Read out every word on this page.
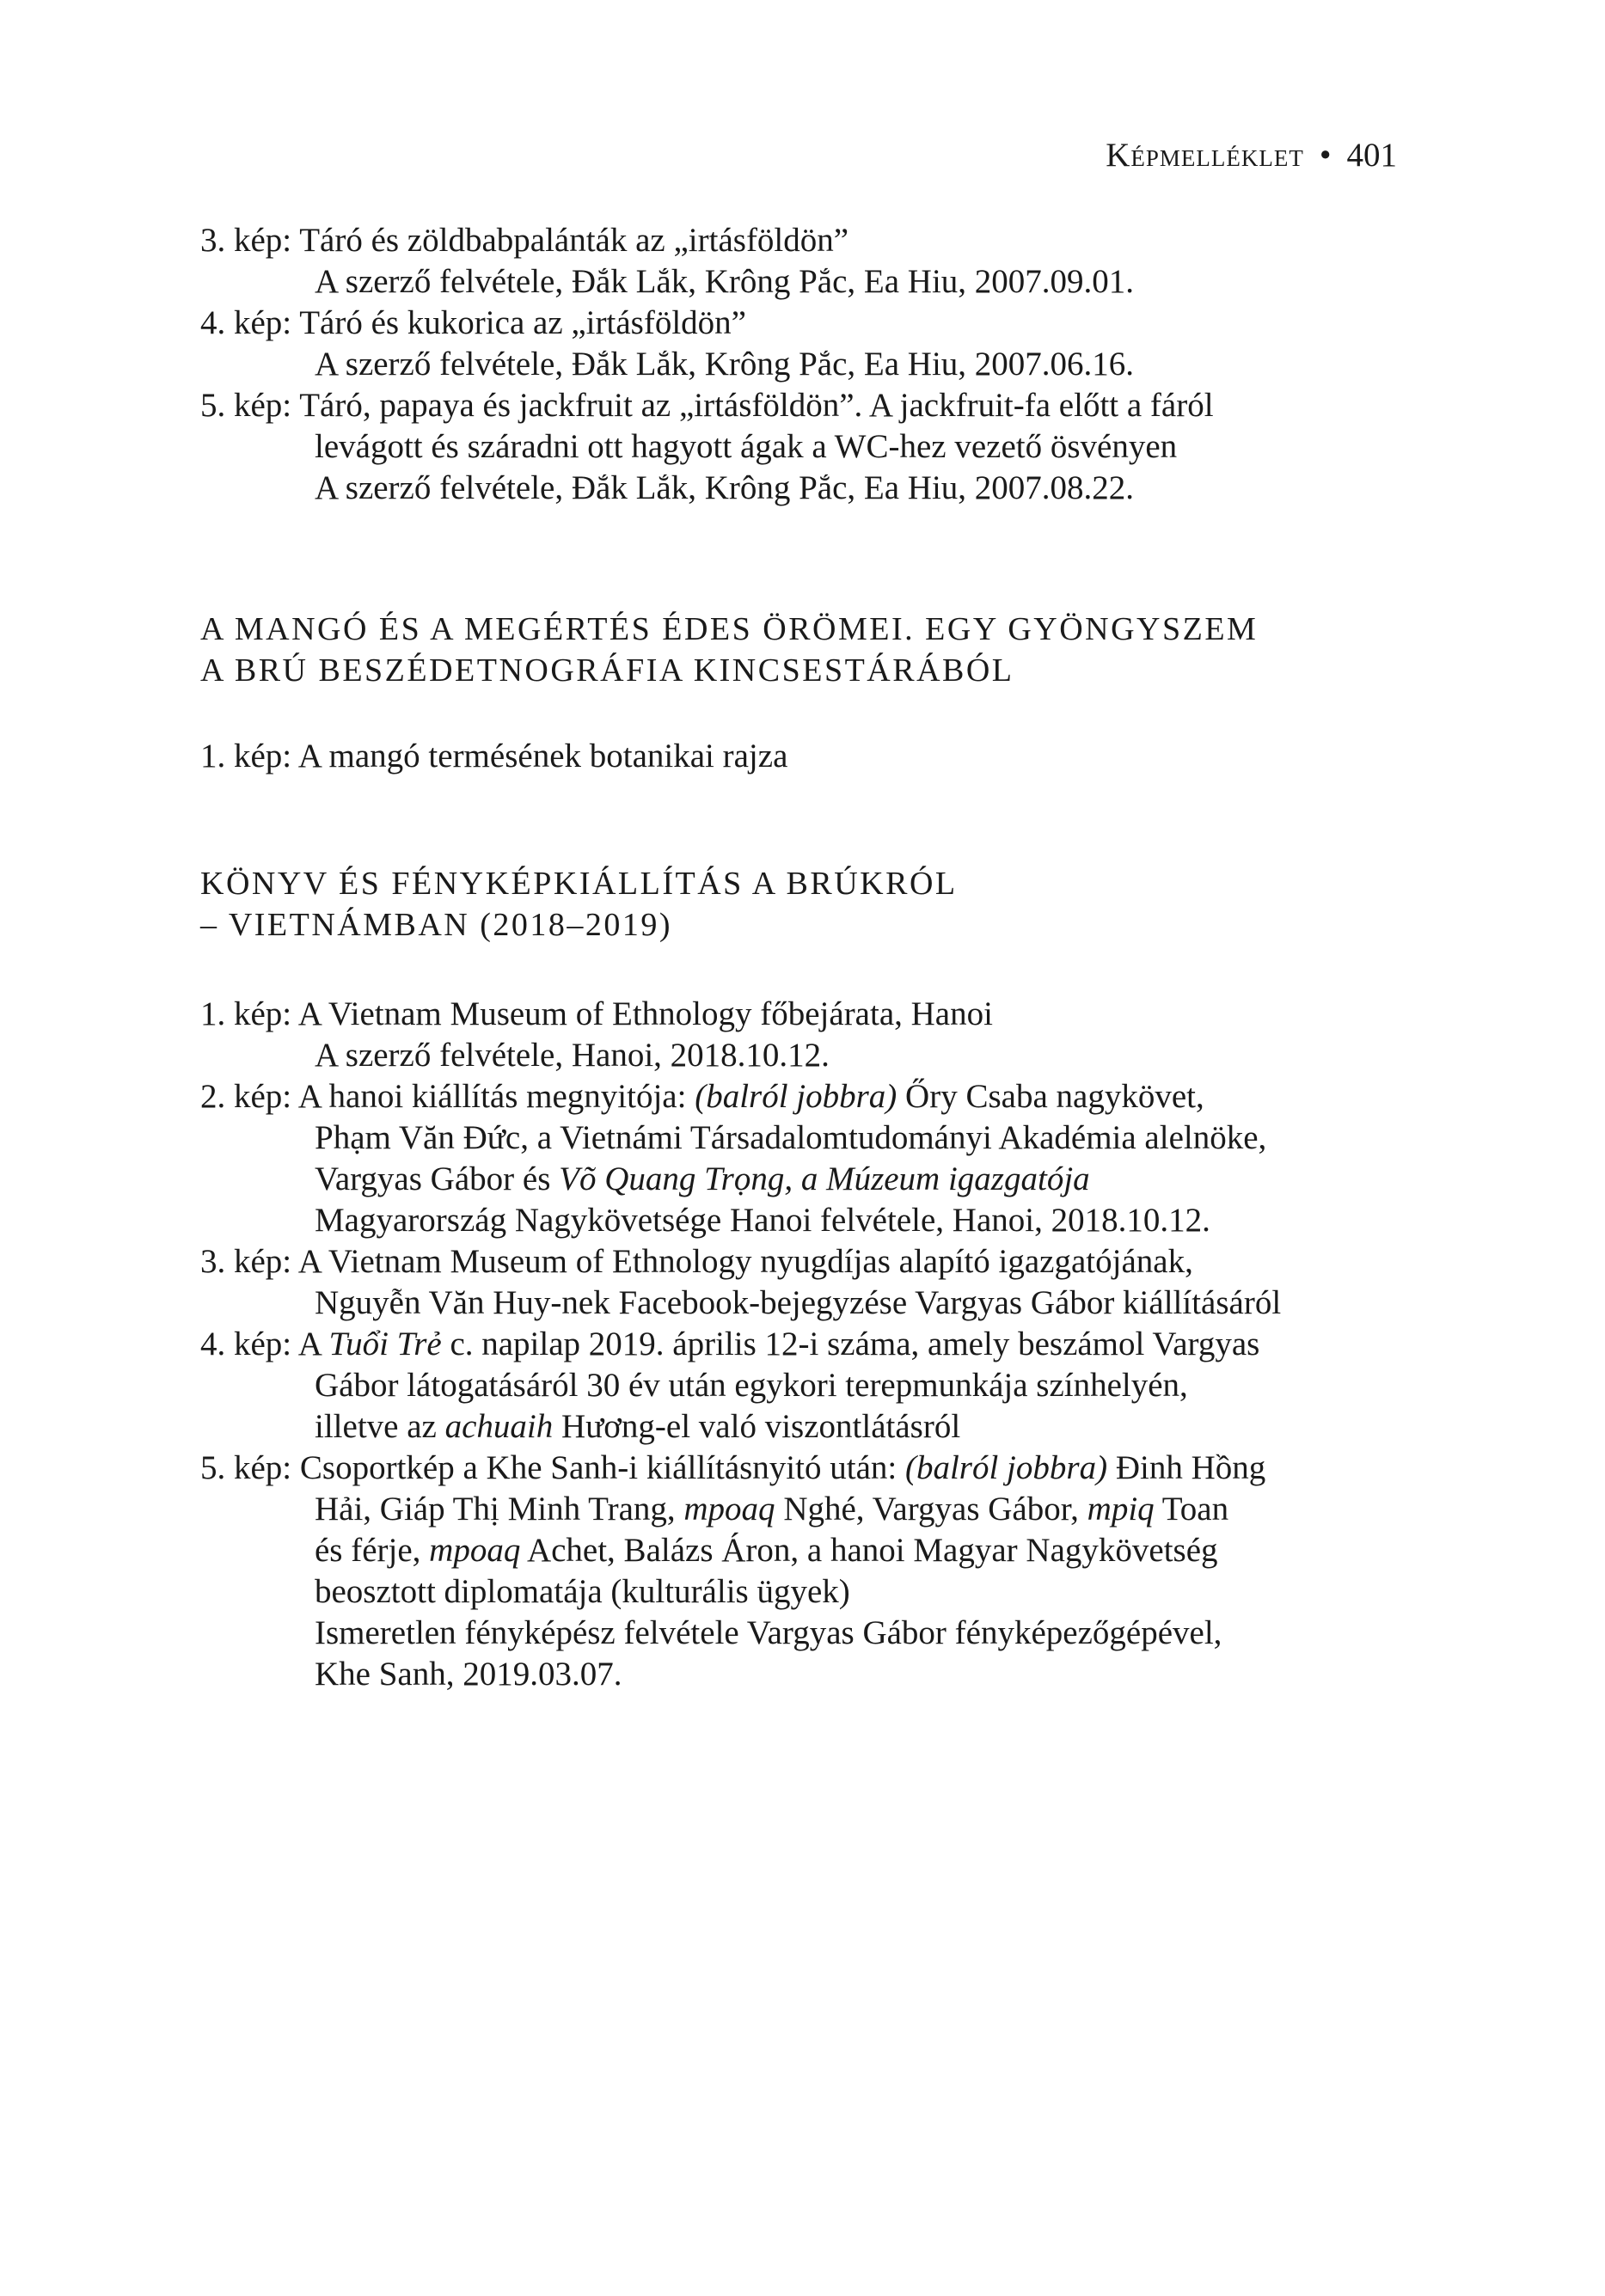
Képmelléklet • 401

3. kép: Táró és zöldbabpalánták az „irtásföldön”
A szerző felvétele, Đắk Lắk, Krông Pắc, Ea Hiu, 2007.09.01.

4. kép: Táró és kukorica az „irtásföldön”
A szerző felvétele, Đắk Lắk, Krông Pắc, Ea Hiu, 2007.06.16.

5. kép: Táró, papaya és jackfruit az „irtásföldön”. A jackfruit-fa előtt a fáról
levágott és száradni ott hagyott ágak a WC-hez vezető ösvényen
A szerző felvétele, Đắk Lắk, Krông Pắc, Ea Hiu, 2007.08.22.

A MANGÓ ÉS A MEGÉRTÉS ÉDES ÖRÖMEI. EGY GYÖNGYSZEM
A BRÚ BESZÉDETNOGRÁFIA KINCSESTÁRÁBÓL

1. kép: A mangó termésének botanikai rajza

KÖNYV ÉS FÉNYKÉPKIÁLLÍTÁS A BRÚKRÓL
– VIETNÁMBAN (2018–2019)

1. kép: A Vietnam Museum of Ethnology főbejárata, Hanoi
A szerző felvétele, Hanoi, 2018.10.12.

2. kép: A hanoi kiállítás megnyitója: (balról jobbra) Őry Csaba nagykövet,
Phạm Văn Đức, a Vietnámi Társadalomtudományi Akadémia alelnöke,
Vargyas Gábor és Võ Quang Trọng, a Múzeum igazgatója
Magyarország Nagykövetsége Hanoi felvétele, Hanoi, 2018.10.12.

3. kép: A Vietnam Museum of Ethnology nyugdíjas alapító igazgatójának,
Nguyễn Văn Huy-nek Facebook-bejegyzése Vargyas Gábor kiállításáról

4. kép: A Tuổi Trẻ c. napilap 2019. április 12-i száma, amely beszámol Vargyas
Gábor látogatásáról 30 év után egykori terepmunkája színhelyén,
illetve az achuaih Hương-el való viszontlátásról

5. kép: Csoportkép a Khe Sanh-i kiállításnyitó után: (balról jobbra) Đinh Hồng
Hải, Giáp Thị Minh Trang, mpoaq Nghé, Vargyas Gábor, mpiq Toan
és férje, mpoaq Achet, Balázs Áron, a hanoi Magyar Nagykövetség
beosztott diplomatája (kulturális ügyek)
Ismeretlen fényképész felvétele Vargyas Gábor fényképezőgépével,
Khe Sanh, 2019.03.07.
